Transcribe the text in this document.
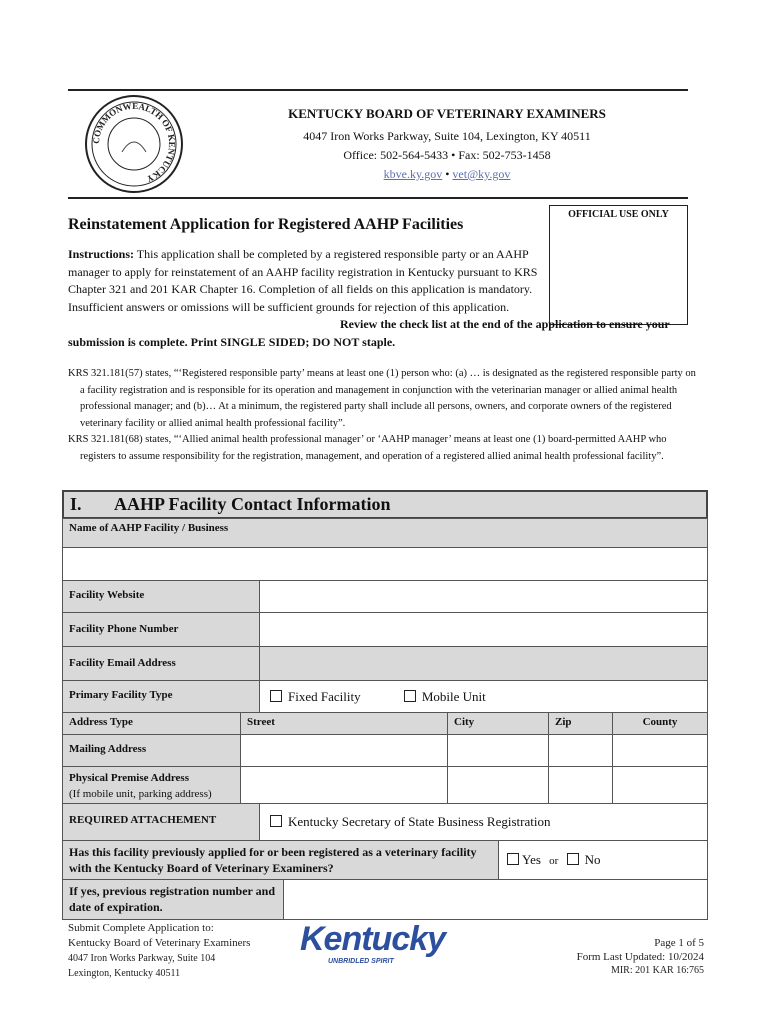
COMMONWEALTH OF KENTUCKY
KENTUCKY BOARD OF VETERINARY EXAMINERS
4047 Iron Works Parkway, Suite 104, Lexington, KY 40511
Office: 502-564-5433 • Fax: 502-753-1458
kbve.ky.gov • vet@ky.gov
Reinstatement Application for Registered AAHP Facilities
OFFICIAL USE ONLY
Instructions: This application shall be completed by a registered responsible party or an AAHP manager to apply for reinstatement of an AAHP facility registration in Kentucky pursuant to KRS Chapter 321 and 201 KAR Chapter 16. Completion of all fields on this application is mandatory. Insufficient answers or omissions will be sufficient grounds for rejection of this application.
Review the check list at the end of the application to ensure your submission is complete. Print SINGLE SIDED; DO NOT staple.

KRS 321.181(57) states, “‘Registered responsible party’ means at least one (1) person who: (a) … is designated as the registered responsible party on a facility registration and is responsible for its operation and management in conjunction with the veterinarian manager or allied animal health professional manager; and (b)… At a minimum, the registered party shall include all persons, owners, and corporate owners of the registered veterinary facility or allied animal health professional facility”.

KRS 321.181(68) states, “‘Allied animal health professional manager’ or ‘AAHP manager’ means at least one (1) board-permitted AAHP who registers to assume responsibility for the registration, management, and operation of a registered allied animal health professional facility”.

I. AAHP Facility Contact Information
Name of AAHP Facility / Business
Facility Website
Facility Phone Number
Facility Email Address
Primary Facility Type	Fixed Facility	Mobile Unit
Address Type	Street	City	Zip	County
Mailing Address
Physical Premise Address
(If mobile unit, parking address)
REQUIRED ATTACHEMENT	Kentucky Secretary of State Business Registration
Has this facility previously applied for or been registered as a veterinary facility with the Kentucky Board of Veterinary Examiners?
Yes or No
If yes, previous registration number and date of expiration.
Submit Complete Application to:
Kentucky Board of Veterinary Examiners
4047 Iron Works Parkway, Suite 104
Lexington, Kentucky 40511
Kentucky
UNBRIDLED SPIRIT
Page 1 of 5
Form Last Updated: 10/2024
MIR: 201 KAR 16:765
